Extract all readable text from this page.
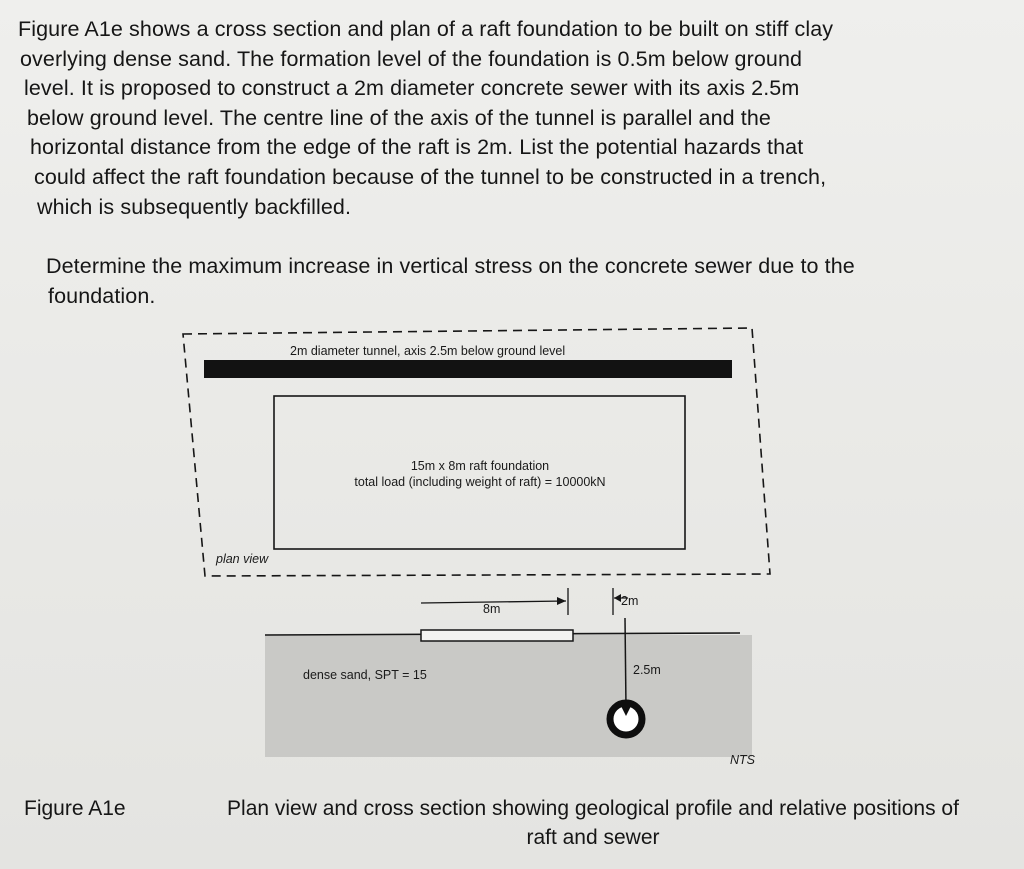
Figure A1e shows a cross section and plan of a raft foundation to be built on stiff clay
overlying dense sand. The formation level of the foundation is 0.5m below ground
level. It is proposed to construct a 2m diameter concrete sewer with its axis 2.5m
below ground level. The centre line of the axis of the tunnel is parallel and the
horizontal distance from the edge of the raft is 2m. List the potential hazards that
could affect the raft foundation because of the tunnel to be constructed in a trench,
which is subsequently backfilled.

Determine the maximum increase in vertical stress on the concrete sewer due to the
foundation.

2m diameter tunnel, axis 2.5m below ground level
15m x 8m raft foundation
total load (including weight of raft) = 10000kN
plan view
8m
2m
2.5m
dense sand, SPT = 15
NTS
Figure A1e	Plan view and cross section showing geological profile and relative positions of
raft and sewer
